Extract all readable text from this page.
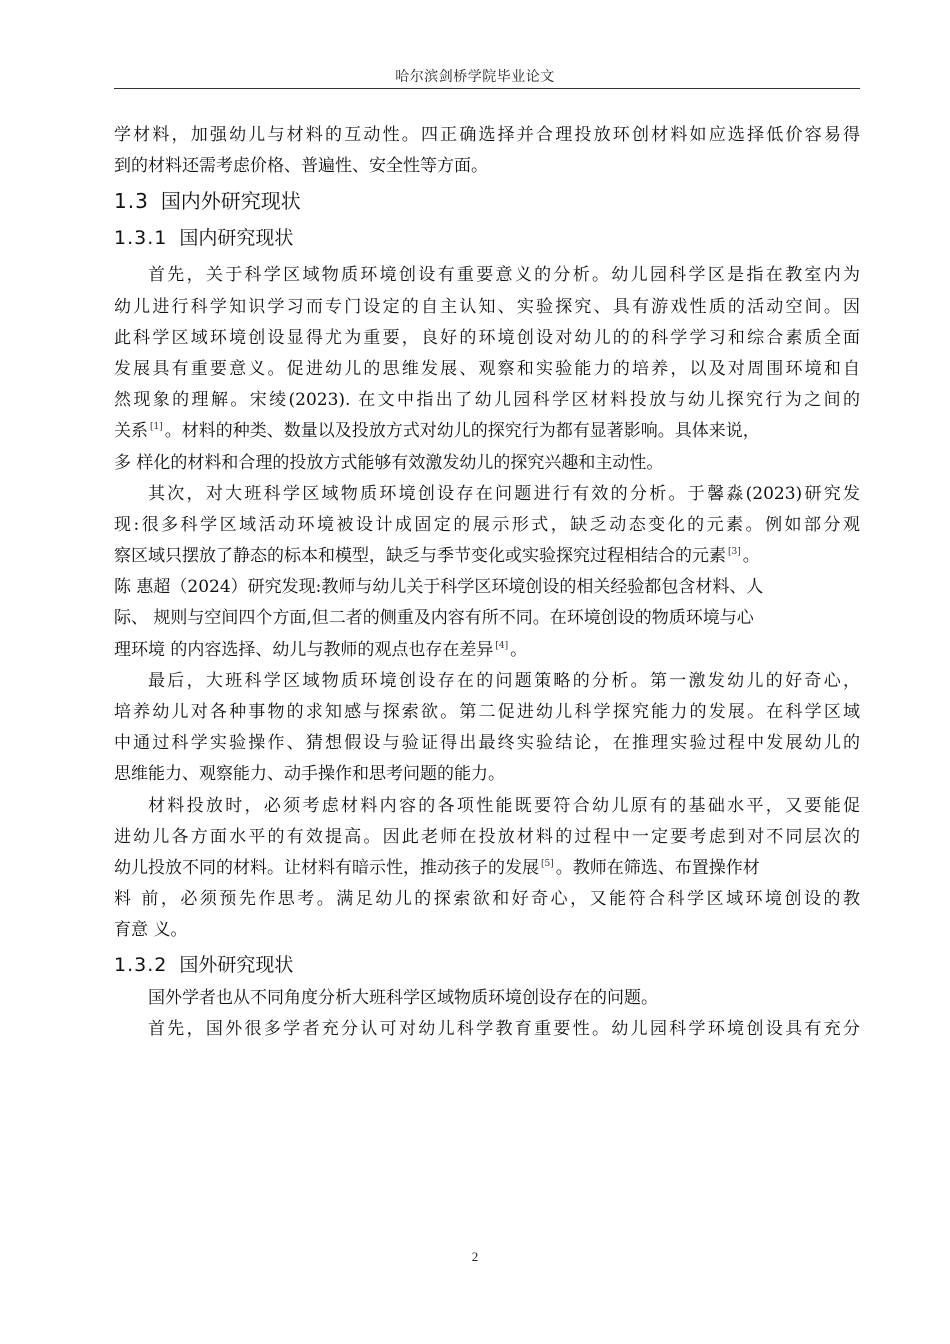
哈尔滨剑桥学院毕业论文
学材料，加强幼儿与材料的互动性。四正确选择并合理投放环创材料如应选择低价容易得
到的材料还需考虑价格、普遍性、安全性等方面。
1.3 国内外研究现状
1.3.1 国内研究现状
首先，关于科学区域物质环境创设有重要意义的分析。幼儿园科学区是指在教室内为
幼儿进行科学知识学习而专门设定的自主认知、实验探究、具有游戏性质的活动空间。因
此科学区域环境创设显得尤为重要，良好的环境创设对幼儿的的科学学习和综合素质全面
发展具有重要意义。促进幼儿的思维发展、观察和实验能力的培养，以及对周围环境和自
然现象的理解。宋绫(2023). 在文中指出了幼儿园科学区材料投放与幼儿探究行为之间的
关系 [1] 。材料的种类、数量以及投放方式对幼儿的探究行为都有显著影响。具体来说，
多 样化的材料和合理的投放方式能够有效激发幼儿的探究兴趣和主动性。
其次，对大班科学区域物质环境创设存在问题进行有效的分析。于馨淼(2023)研究发
现:很多科学区域活动环境被设计成固定的展示形式，缺乏动态变化的元素。例如部分观
察区域只摆放了静态的标本和模型，缺乏与季节变化或实验探究过程相结合的元素 [3] 。
陈 惠超（2024）研究发现:教师与幼儿关于科学区环境创设的相关经验都包含材料、人
际、 规则与空间四个方面,但二者的侧重及内容有所不同。在环境创设的物质环境与心
理环境 的内容选择、幼儿与教师的观点也存在差异 [4] 。
最后，大班科学区域物质环境创设存在的问题策略的分析。第一激发幼儿的好奇心，
培养幼儿对各种事物的求知感与探索欲。第二促进幼儿科学探究能力的发展。在科学区域
中通过科学实验操作、猜想假设与验证得出最终实验结论，在推理实验过程中发展幼儿的
思维能力、观察能力、动手操作和思考问题的能力。
材料投放时，必须考虑材料内容的各项性能既要符合幼儿原有的基础水平，又要能促
进幼儿各方面水平的有效提高。因此老师在投放材料的过程中一定要考虑到对不同层次的
幼儿投放不同的材料。让材料有暗示性，推动孩子的发展 [5] 。教师在筛选、布置操作材
料 前，必须预先作思考。满足幼儿的探索欲和好奇心，又能符合科学区域环境创设的教
育意 义。
1.3.2 国外研究现状
国外学者也从不同角度分析大班科学区域物质环境创设存在的问题。
首先，国外很多学者充分认可对幼儿科学教育重要性。幼儿园科学环境创设具有充分
2
